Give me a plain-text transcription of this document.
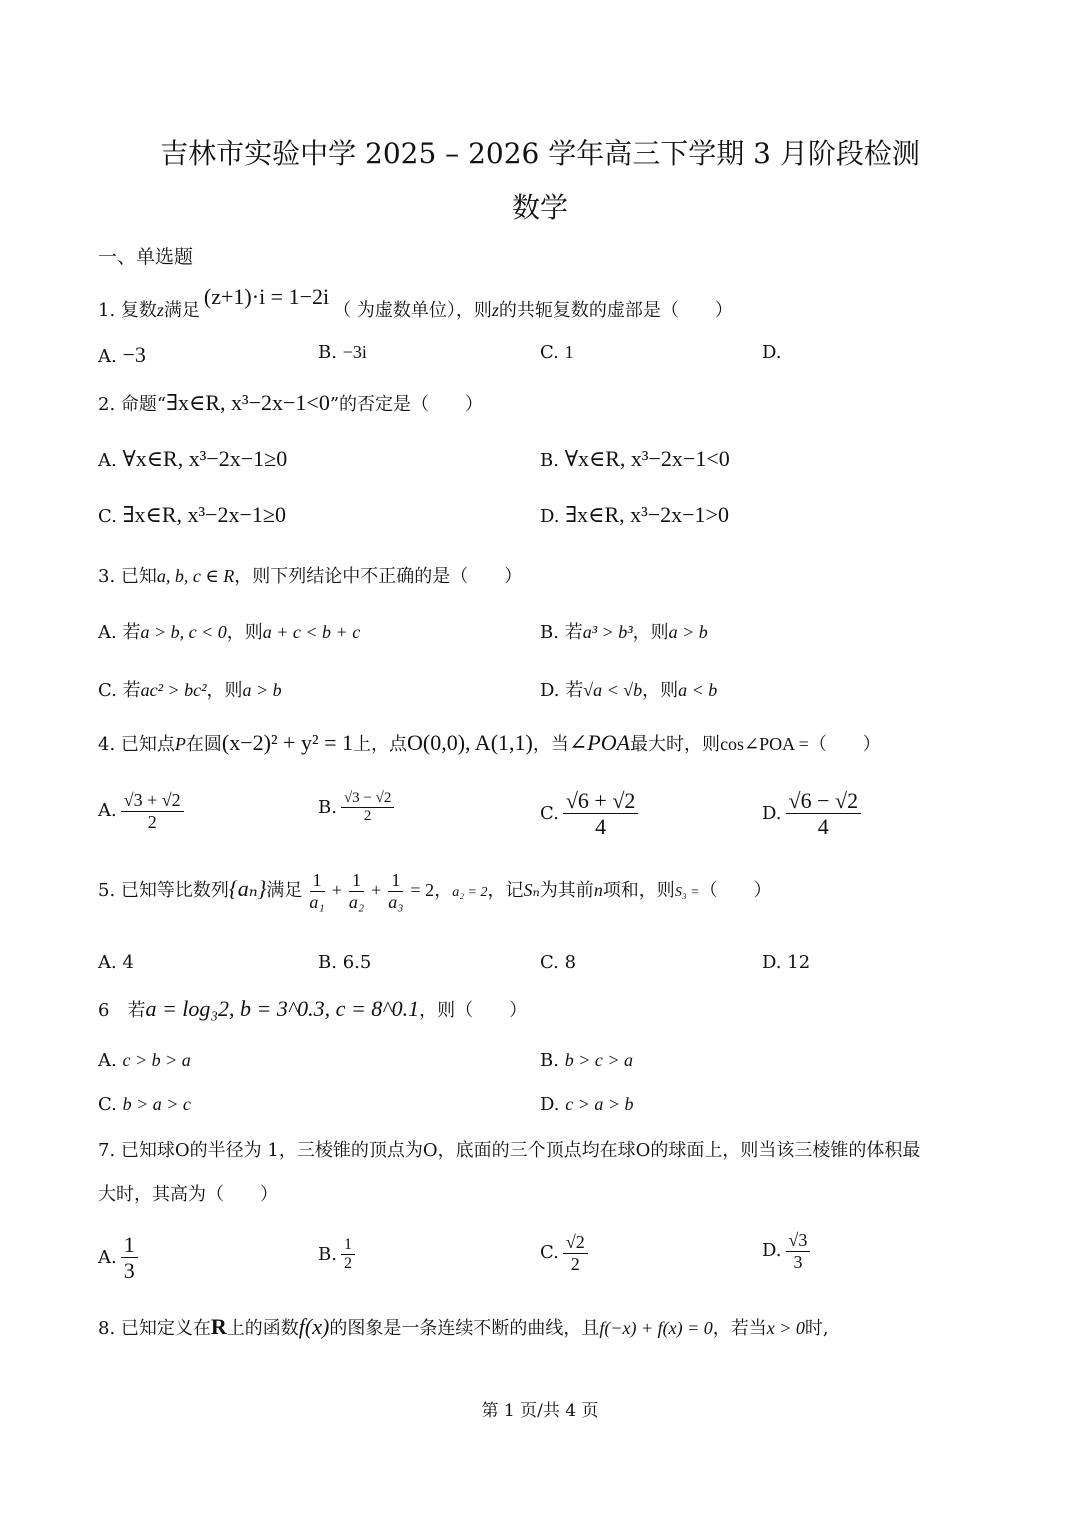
吉林市实验中学 2025 – 2026 学年高三下学期 3 月阶段检测
数学
一、单选题
1. 复数z满足(z+1)·i = 1−2i（ 为虚数单位），则z的共轭复数的虚部是（　　）
A. −3	B. −3i	C. 1	D.
2. 命题“∃x∈R, x³−2x−1<0”的否定是（　　）
A. ∀x∈R, x³−2x−1≥0	B. ∀x∈R, x³−2x−1<0
C. ∃x∈R, x³−2x−1≥0	D. ∃x∈R, x³−2x−1>0
3. 已知a, b, c ∈ R，则下列结论中不正确的是（　　）
A. 若a > b, c < 0，则a + c < b + c	B. 若a³ > b³，则a > b
C. 若ac² > bc²，则a > b	D. 若√a < √b，则a < b
4. 已知点P在圆(x−2)² + y² = 1上，点O(0,0), A(1,1)，当∠POA最大时，则cos∠POA =（　　）
A. $\frac{√3 + √2}{2}$	B. $\frac{√3 - √2}{2}$	C. $\frac{√6 + √2}{4}$	D. $\frac{√6 - √2}{4}$
5. 已知等比数列{aₙ}满足 $\frac{1}{\text{a₁}} + \frac{1}{\text{a₂}} + \frac{1}{\text{a₃}} = 2$，a₂ = 2，记Sₙ为其前n项和，则S₃ =（　　）
A. 4	B. 6.5	C. 8	D. 12
6　若a = log₃2, b = 3^0.3, c = 8^0.1，则（　　）
A. c > b > a	B. b > c > a
C. b > a > c	D. c > a > b
7. 已知球O的半径为 1，三棱锥的顶点为O，底面的三个顶点均在球O的球面上，则当该三棱锥的体积最
大时，其高为（　　）
A. $\frac{1}{3}$	B. $\frac{1}{2}$	C. $\frac{√2}{2}$	D. $\frac{√3}{3}$
8. 已知定义在R上的函数f(x)的图象是一条连续不断的曲线，且f(−x) + f(x) = 0，若当x > 0时,
第 1 页/共 4 页
